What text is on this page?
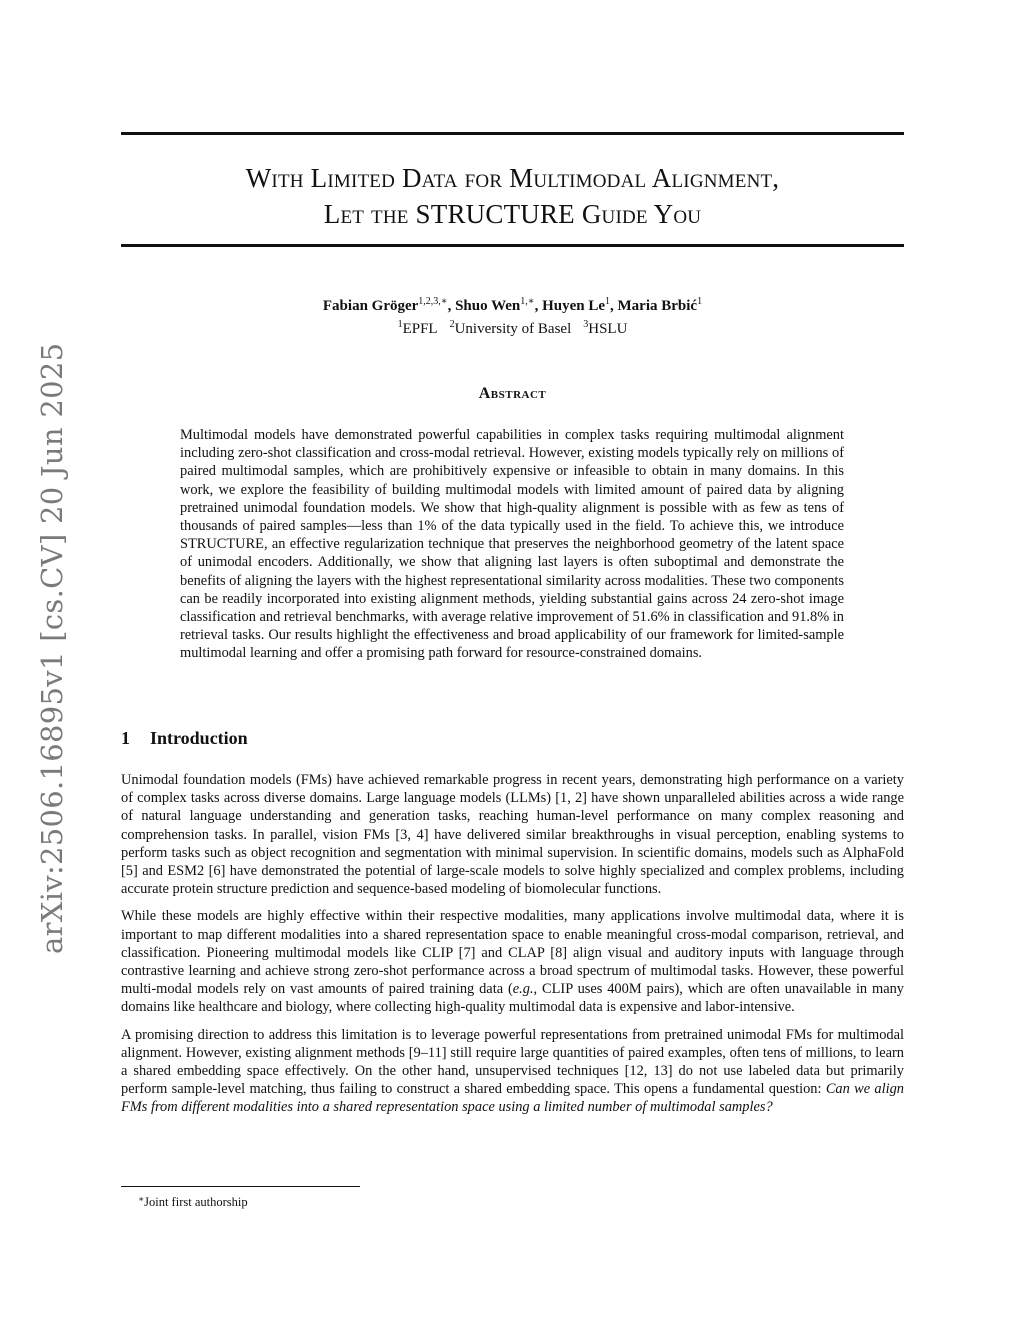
arXiv:2506.16895v1 [cs.CV] 20 Jun 2025
With Limited Data for Multimodal Alignment,
Let the STRUCTURE Guide You
Fabian Gröger$^{1,2,3,∗}$, Shuo Wen$^{1,∗}$, Huyen Le$^1$, Maria Brbić$^1$
$^1$EPFL $^2$University of Basel $^3$HSLU
Abstract
Multimodal models have demonstrated powerful capabilities in complex tasks requiring multimodal alignment including zero-shot classification and cross-modal retrieval. However, existing models typically rely on millions of paired multimodal samples, which are prohibitively expensive or infeasible to obtain in many domains. In this work, we explore the feasibility of building multimodal models with limited amount of paired data by aligning pretrained unimodal foundation models. We show that high-quality alignment is possible with as few as tens of thousands of paired samples—less than 1% of the data typically used in the field. To achieve this, we introduce STRUCTURE, an effective regularization technique that preserves the neighborhood geometry of the latent space of unimodal encoders. Additionally, we show that aligning last layers is often suboptimal and demonstrate the benefits of aligning the layers with the highest representational similarity across modalities. These two components can be readily incorporated into existing alignment methods, yielding substantial gains across 24 zero-shot image classification and retrieval benchmarks, with average relative improvement of 51.6% in classification and 91.8% in retrieval tasks. Our results highlight the effectiveness and broad applicability of our framework for limited-sample multimodal learning and offer a promising path forward for resource-constrained domains.
1 Introduction

Unimodal foundation models (FMs) have achieved remarkable progress in recent years, demonstrating high performance on a variety of complex tasks across diverse domains. Large language models (LLMs) [1, 2] have shown unparalleled abilities across a wide range of natural language understanding and generation tasks, reaching human-level performance on many complex reasoning and comprehension tasks. In parallel, vision FMs [3, 4] have delivered similar breakthroughs in visual perception, enabling systems to perform tasks such as object recognition and segmentation with minimal supervision. In scientific domains, models such as AlphaFold [5] and ESM2 [6] have demonstrated the potential of large-scale models to solve highly specialized and complex problems, including accurate protein structure prediction and sequence-based modeling of biomolecular functions.

While these models are highly effective within their respective modalities, many applications involve multimodal data, where it is important to map different modalities into a shared representation space to enable meaningful cross-modal comparison, retrieval, and classification. Pioneering multimodal models like CLIP [7] and CLAP [8] align visual and auditory inputs with language through contrastive learning and achieve strong zero-shot performance across a broad spectrum of multimodal tasks. However, these powerful multi-modal models rely on vast amounts of paired training data (e.g., CLIP uses 400M pairs), which are often unavailable in many domains like healthcare and biology, where collecting high-quality multimodal data is expensive and labor-intensive.

A promising direction to address this limitation is to leverage powerful representations from pretrained unimodal FMs for multimodal alignment. However, existing alignment methods [9–11] still require large quantities of paired examples, often tens of millions, to learn a shared embedding space effectively. On the other hand, unsupervised techniques [12, 13] do not use labeled data but primarily perform sample-level matching, thus failing to construct a shared embedding space. This opens a fundamental question: Can we align FMs from different modalities into a shared representation space using a limited number of multimodal samples?

∗Joint first authorship
